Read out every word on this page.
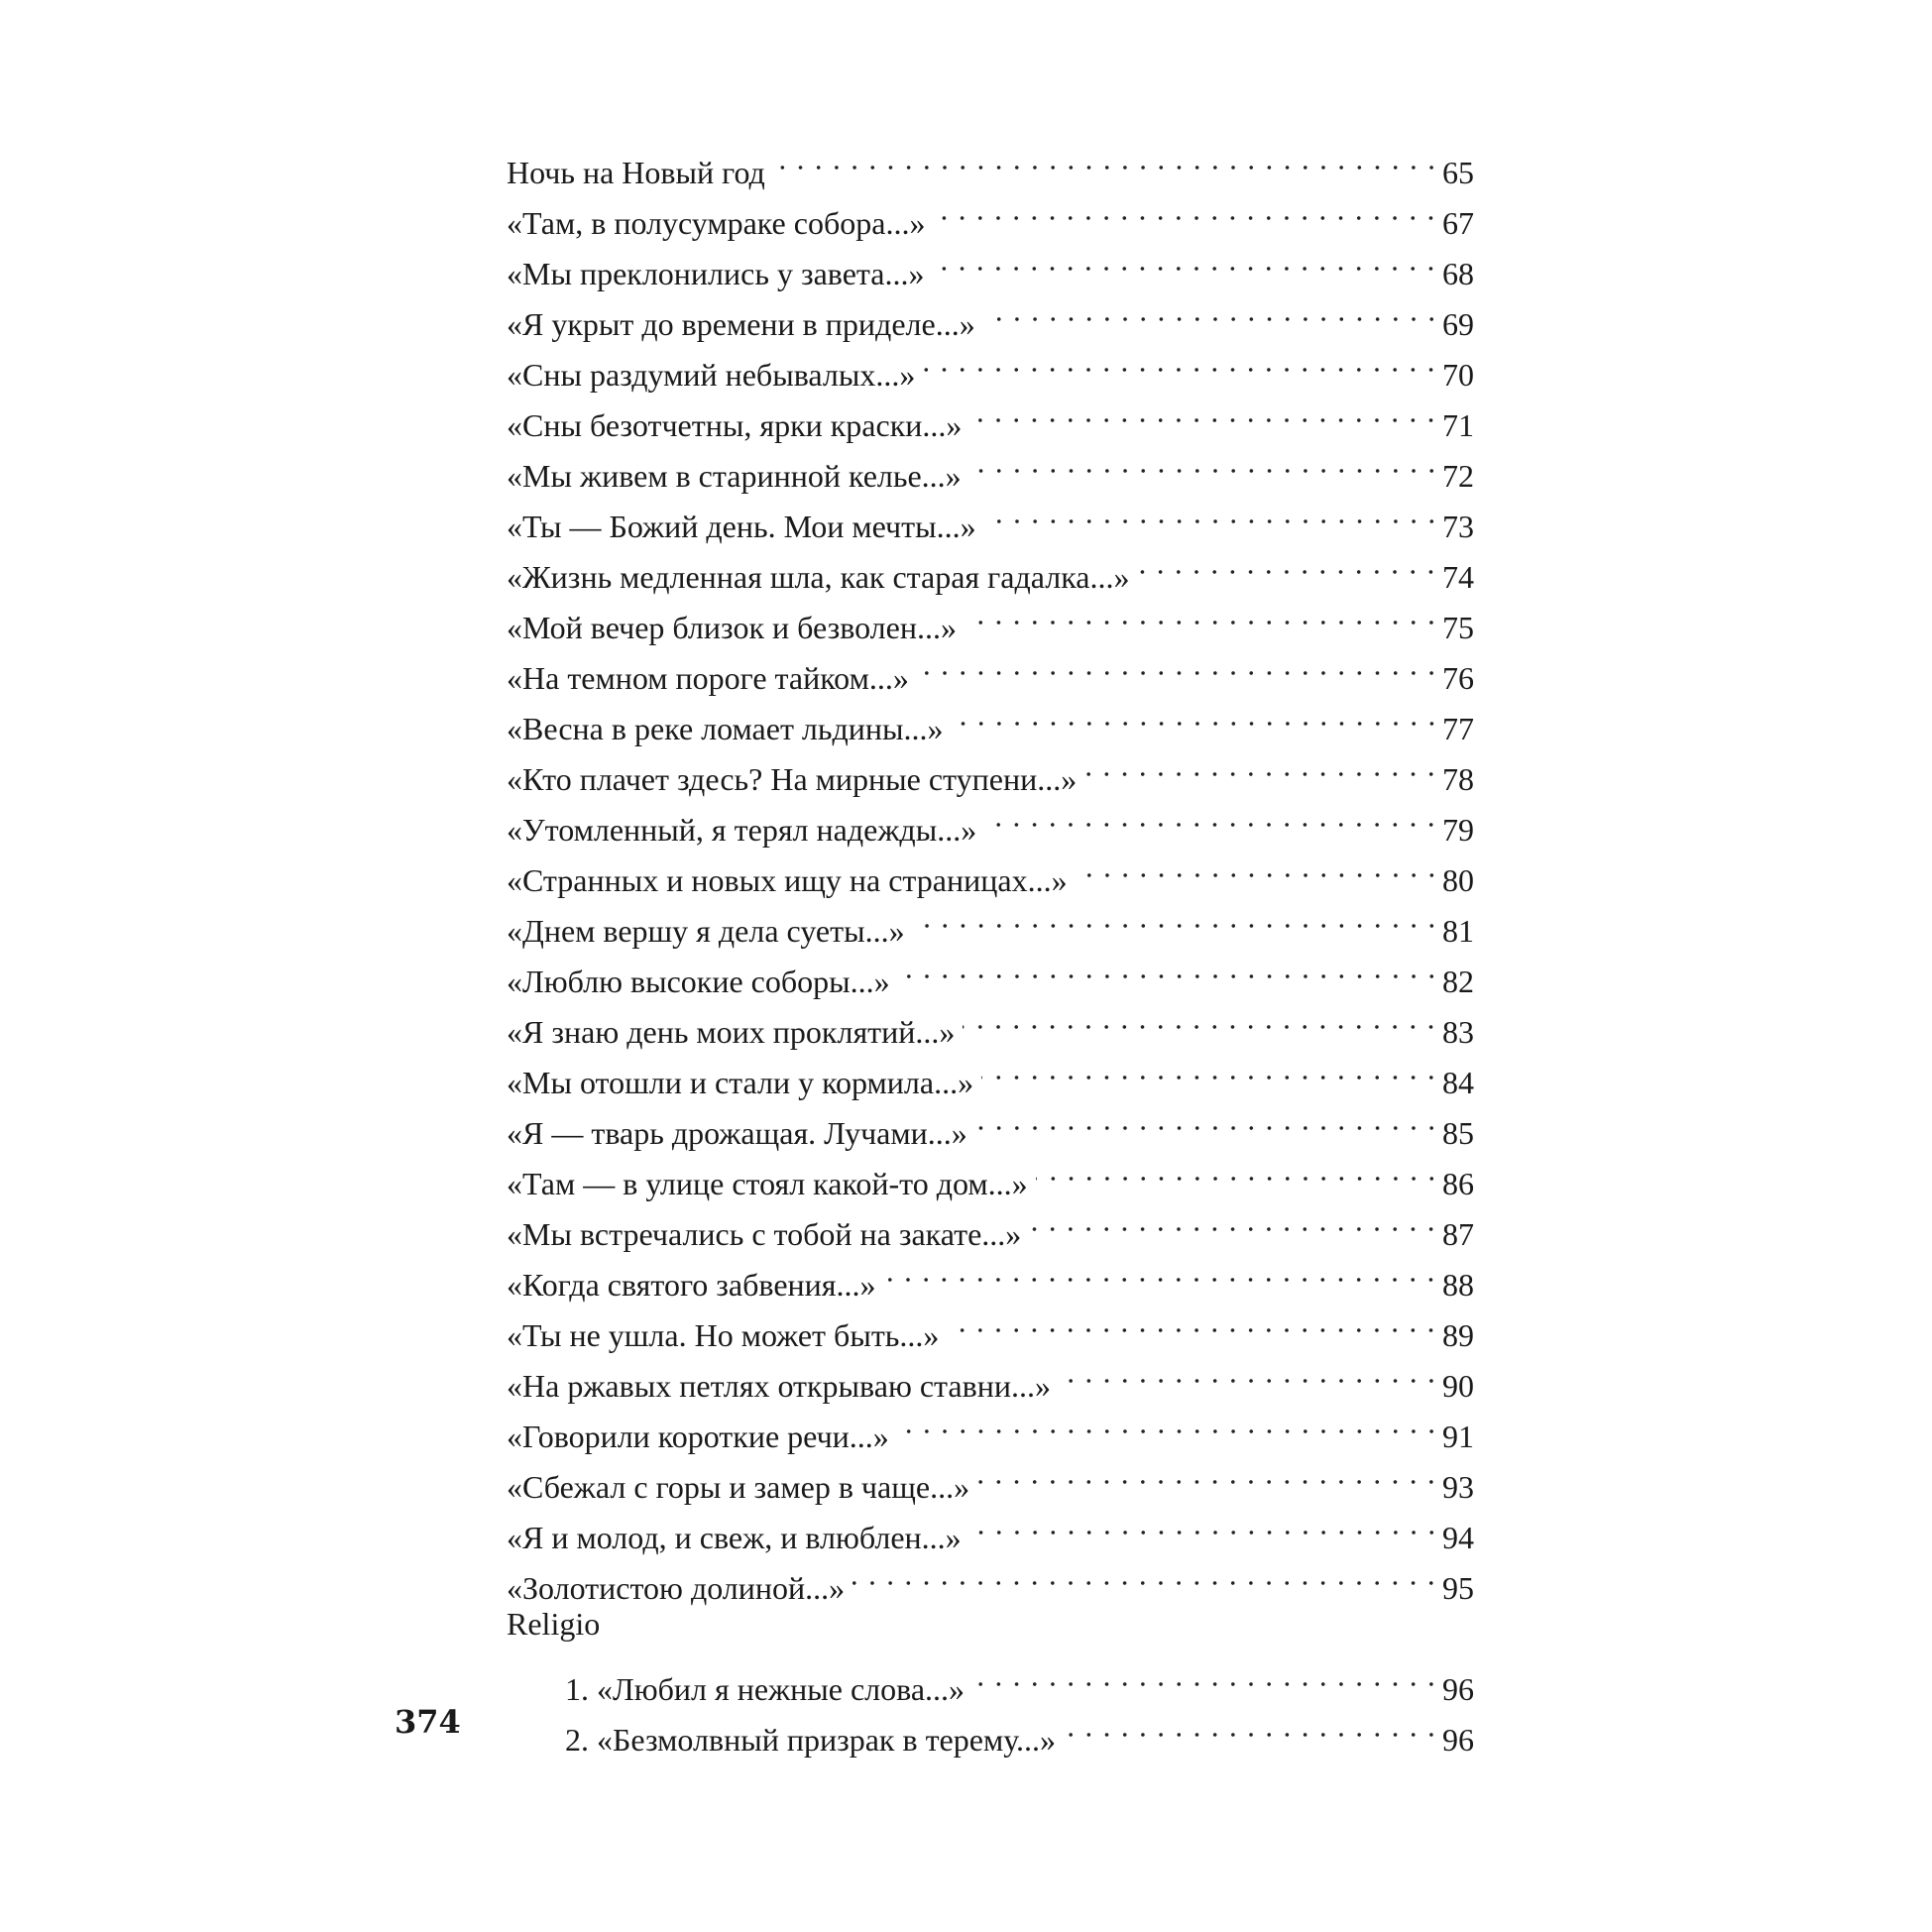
Ночь на Новый год	65
«Там, в полусумраке собора...»	67
«Мы преклонились у завета...»	68
«Я укрыт до времени в приделе...»	69
«Сны раздумий небывалых...»	70
«Сны безотчетны, ярки краски...»	71
«Мы живем в старинной келье...»	72
«Ты — Божий день. Мои мечты...»	73
«Жизнь медленная шла, как старая гадалка...»	74
«Мой вечер близок и безволен...»	75
«На темном пороге тайком...»	76
«Весна в реке ломает льдины...»	77
«Кто плачет здесь? На мирные ступени...»	78
«Утомленный, я терял надежды...»	79
«Странных и новых ищу на страницах...»	80
«Днем вершу я дела суеты...»	81
«Люблю высокие соборы...»	82
«Я знаю день моих проклятий...»	83
«Мы отошли и стали у кормила...»	84
«Я — тварь дрожащая. Лучами...»	85
«Там — в улице стоял какой-то дом...»	86
«Мы встречались с тобой на закате...»	87
«Когда святого забвения...»	88
«Ты не ушла. Но может быть...»	89
«На ржавых петлях открываю ставни...»	90
«Говорили короткие речи...»	91
«Сбежал с горы и замер в чаще...»	93
«Я и молод, и свеж, и влюблен...»	94
«Золотистою долиной...»	95
Religio
1. «Любил я нежные слова...»	96
2. «Безмолвный призрак в терему...»	96
374
